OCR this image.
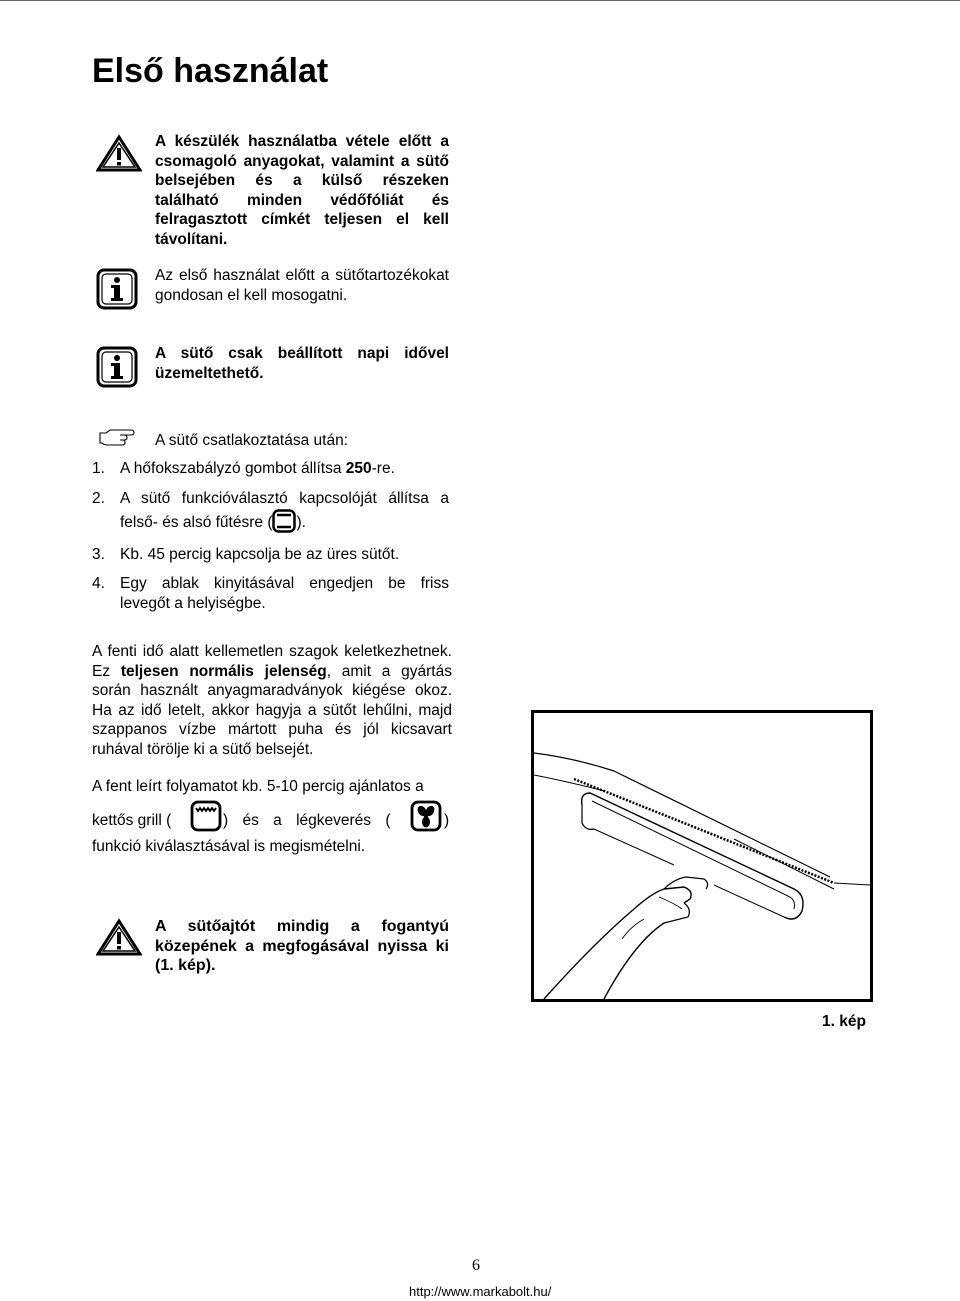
Első használat
A készülék használatba vétele előtt a csomagoló anyagokat, valamint a sütő belsejében és a külső részeken található minden védőfóliát és felragasztott címkét teljesen el kell távolítani.
Az első használat előtt a sütőtartozékokat gondosan el kell mosogatni.
A sütő csak beállított napi idővel üzemeltethető.
A sütő csatlakoztatása után:
1. A hőfokszabályzó gombot állítsa 250-re.
2. A sütő funkcióválasztó kapcsolóját állítsa a
felső- és alsó fűtésre ( ).
3. Kb. 45 percig kapcsolja be az üres sütőt.
4. Egy ablak kinyitásával engedjen be friss levegőt a helyiségbe.
A fenti idő alatt kellemetlen szagok keletkezhetnek. Ez teljesen normális jelenség, amit a gyártás során használt anyagmaradványok kiégése okoz. Ha az idő letelt, akkor hagyja a sütőt lehűlni, majd szappanos vízbe mártott puha és jól kicsavart ruhával törölje ki a sütő belsejét.
A fent leírt folyamatot kb. 5-10 percig ajánlatos a
kettős grill (	) és a légkeverés (	)
funkció kiválasztásával is megismételni.
A sütőajtót mindig a fogantyú közepének a megfogásával nyissa ki (1. kép).
1. kép
6
http://www.markabolt.hu/
